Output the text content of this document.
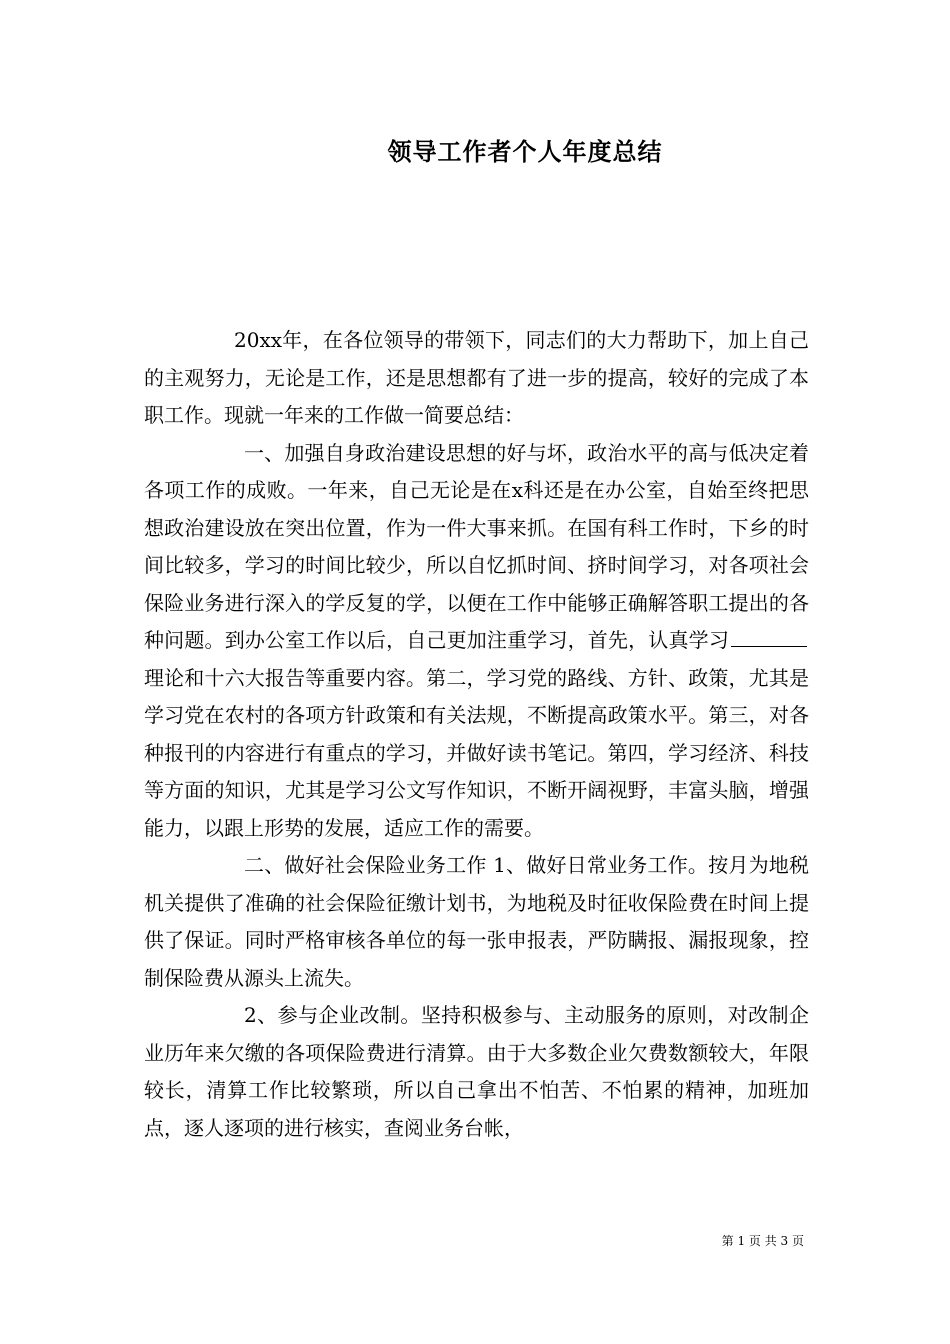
领导工作者个人年度总结

20xx年，在各位领导的带领下，同志们的大力帮助下，加上自己的主观努力，无论是工作，还是思想都有了进一步的提高，较好的完成了本职工作。现就一年来的工作做一简要总结：

一、加强自身政治建设思想的好与坏，政治水平的高与低决定着各项工作的成败。一年来，自己无论是在x科还是在办公室，自始至终把思想政治建设放在突出位置，作为一件大事来抓。在国有科工作时，下乡的时间比较多，学习的时间比较少，所以自忆抓时间、挤时间学习，对各项社会保险业务进行深入的学反复的学，以便在工作中能够正确解答职工提出的各种问题。到办公室工作以后，自己更加注重学习，首先，认真学习理论和十六大报告等重要内容。第二，学习党的路线、方针、政策，尤其是学习党在农村的各项方针政策和有关法规，不断提高政策水平。第三，对各种报刊的内容进行有重点的学习，并做好读书笔记。第四，学习经济、科技等方面的知识，尤其是学习公文写作知识，不断开阔视野，丰富头脑，增强能力，以跟上形势的发展，适应工作的需要。

二、做好社会保险业务工作 1、做好日常业务工作。按月为地税机关提供了准确的社会保险征缴计划书，为地税及时征收保险费在时间上提供了保证。同时严格审核各单位的每一张申报表，严防瞒报、漏报现象，控制保险费从源头上流失。

2、参与企业改制。坚持积极参与、主动服务的原则，对改制企业历年来欠缴的各项保险费进行清算。由于大多数企业欠费数额较大，年限较长，清算工作比较繁琐，所以自己拿出不怕苦、不怕累的精神，加班加点，逐人逐项的进行核实，查阅业务台帐，

第 1 页 共 3 页
